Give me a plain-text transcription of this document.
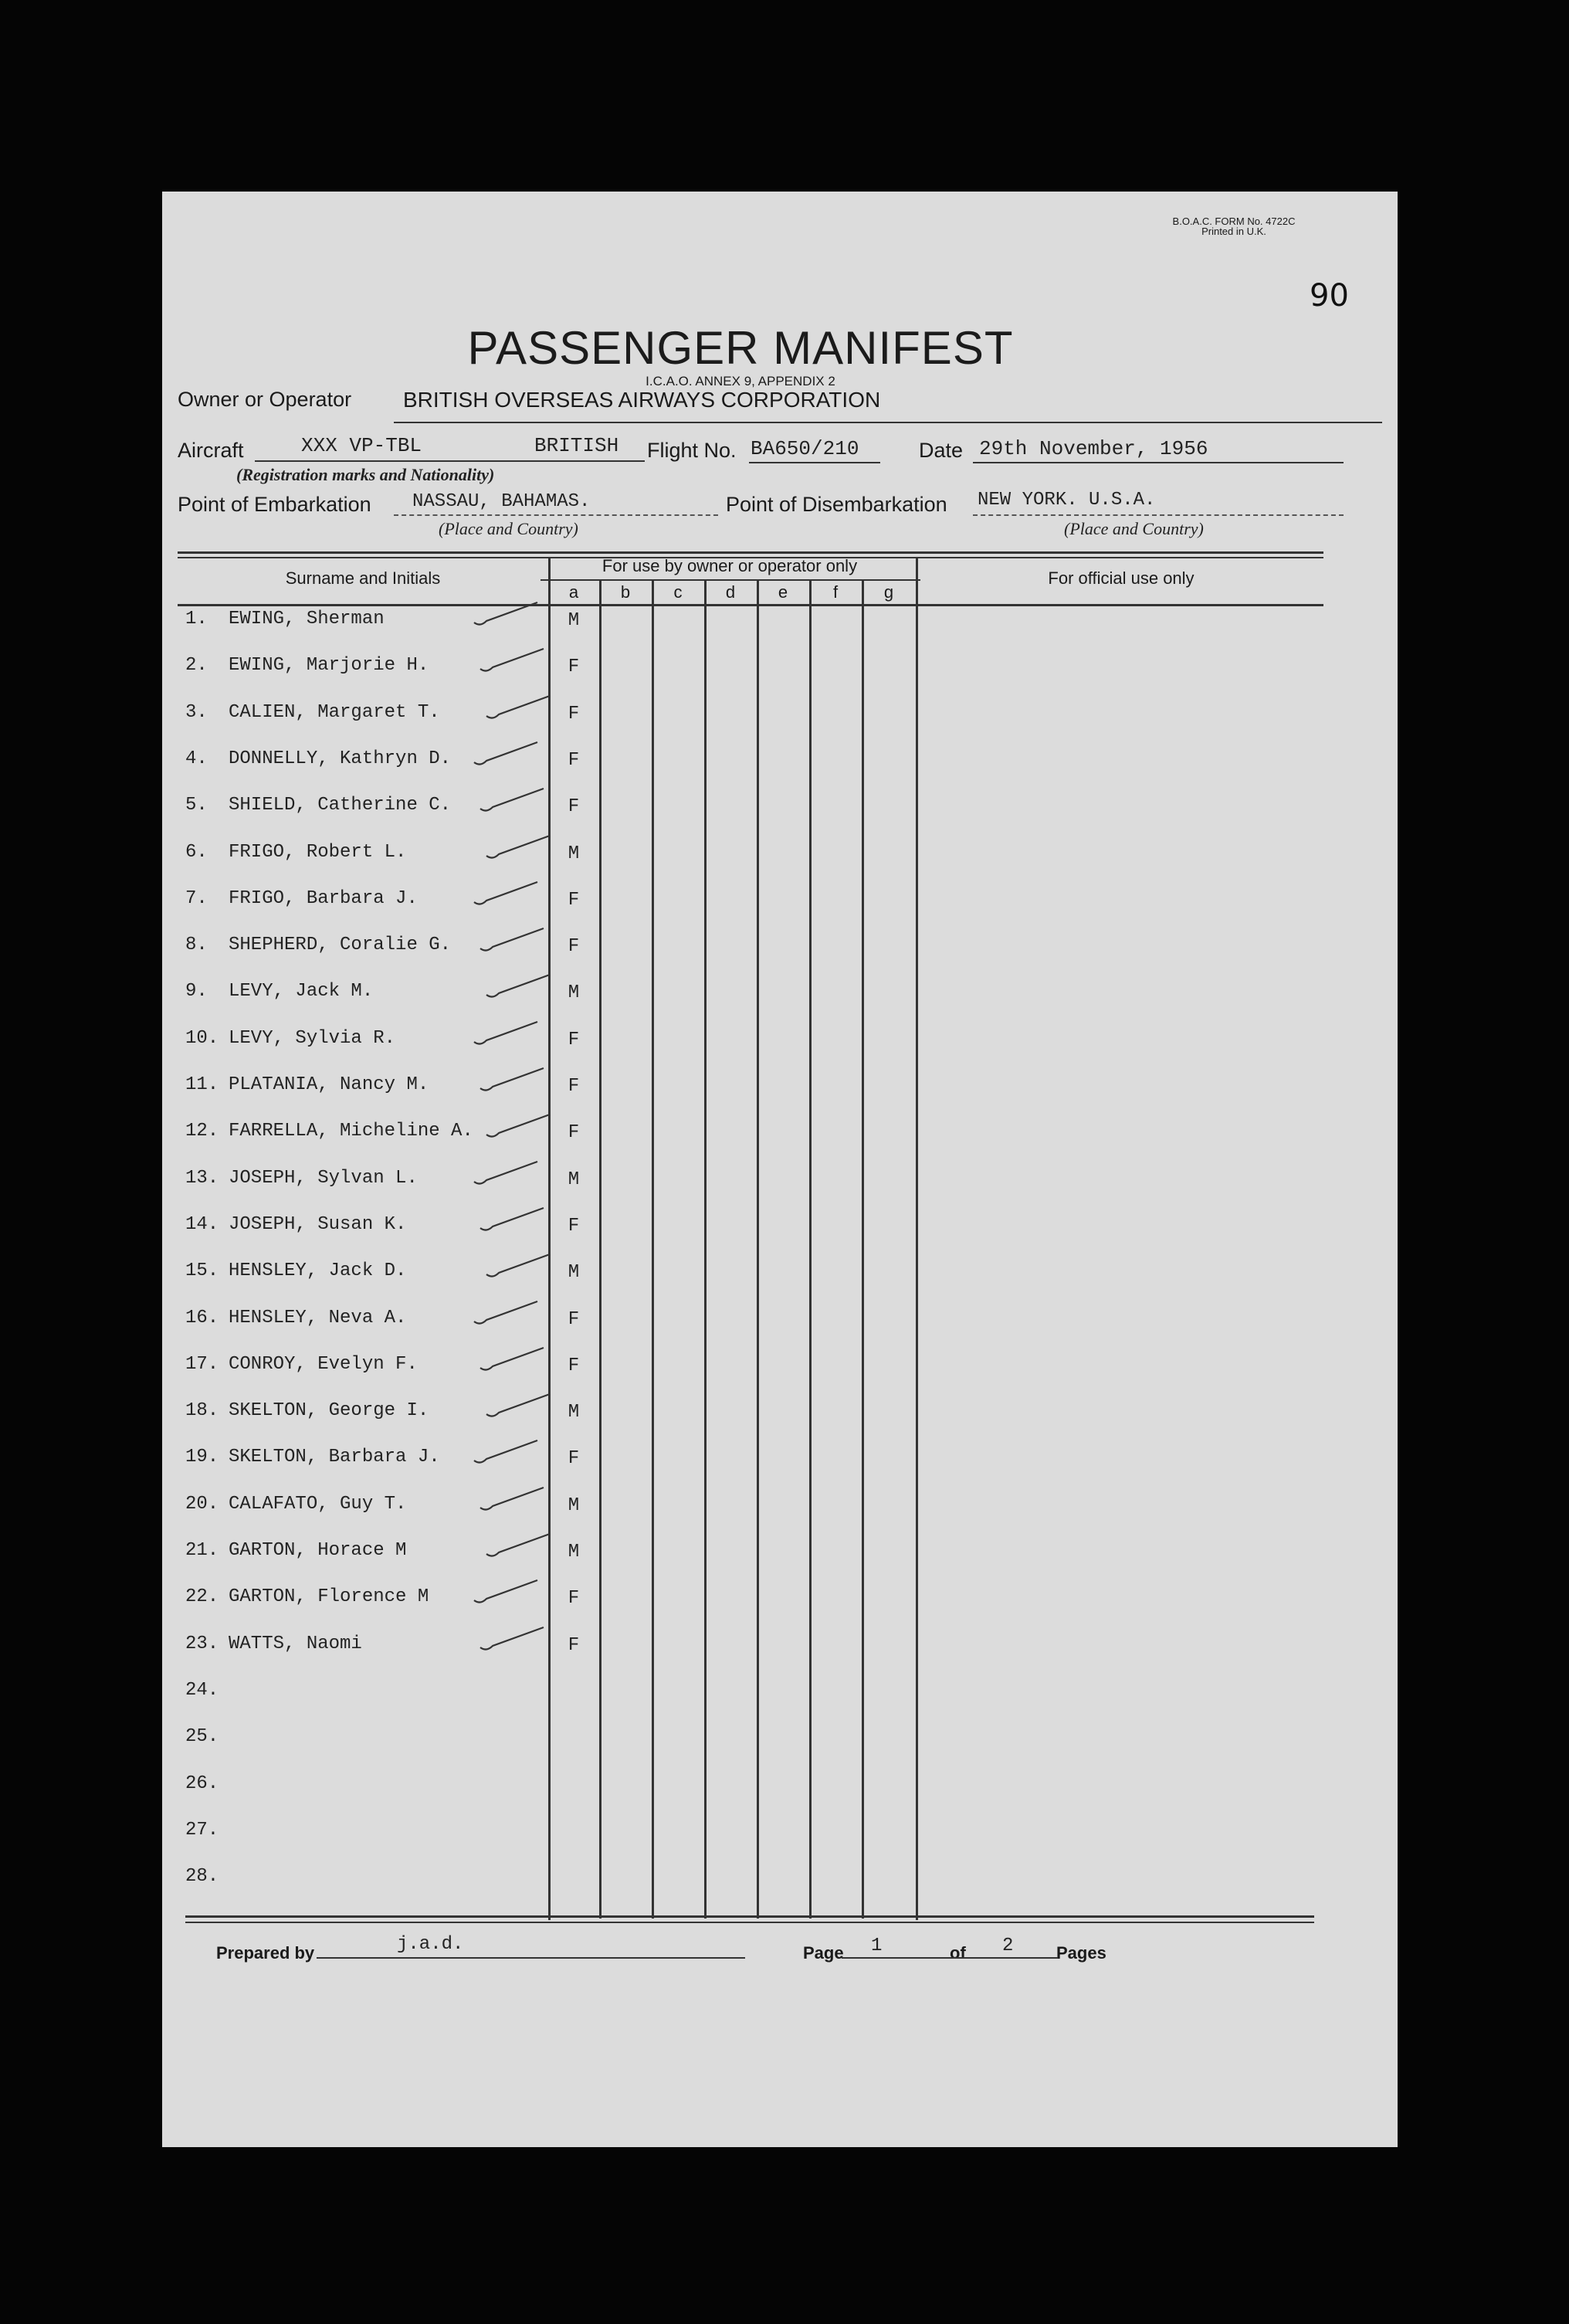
B.O.A.C. FORM No. 4722C
Printed in U.K.
90
PASSENGER MANIFEST
I.C.A.O. ANNEX 9, APPENDIX 2
Owner or Operator BRITISH OVERSEAS AIRWAYS CORPORATION
Aircraft	XXX VP-TBL	BRITISH
(Registration marks and Nationality)
Flight No. BA650/210	Date 29th November, 1956
Point of Embarkation NASSAU, BAHAMAS.
(Place and Country)
Point of Disembarkation NEW YORK. U.S.A.
(Place and Country)
Surname and Initials
For use by owner or operator only
For official use only
a	b	c	d	e	f	g
1.	EWING, Sherman	M
2.	EWING, Marjorie H.	F
3.	CALIEN, Margaret T.	F
4.	DONNELLY, Kathryn D.	F
5.	SHIELD, Catherine C.	F
6.	FRIGO, Robert L.	M
7.	FRIGO, Barbara J.	F
8.	SHEPHERD, Coralie G.	F
9.	LEVY, Jack M.	M
10. LEVY, Sylvia R.	F
11. PLATANIA, Nancy M.	F
12. FARRELLA, Micheline A.	F
13. JOSEPH, Sylvan L.	M
14. JOSEPH, Susan K.	F
15. HENSLEY, Jack D.	M
16. HENSLEY, Neva A.	F
17. CONROY, Evelyn F.	F
18. SKELTON, George I.	M
19. SKELTON, Barbara J.	F
20. CALAFATO, Guy T.	M
21. GARTON, Horace M	M
22. GARTON, Florence M	F
23. WATTS, Naomi	F
24.
25.
26.
27.
28.
Prepared by	j.a.d.	Page 1	of 2	Pages
